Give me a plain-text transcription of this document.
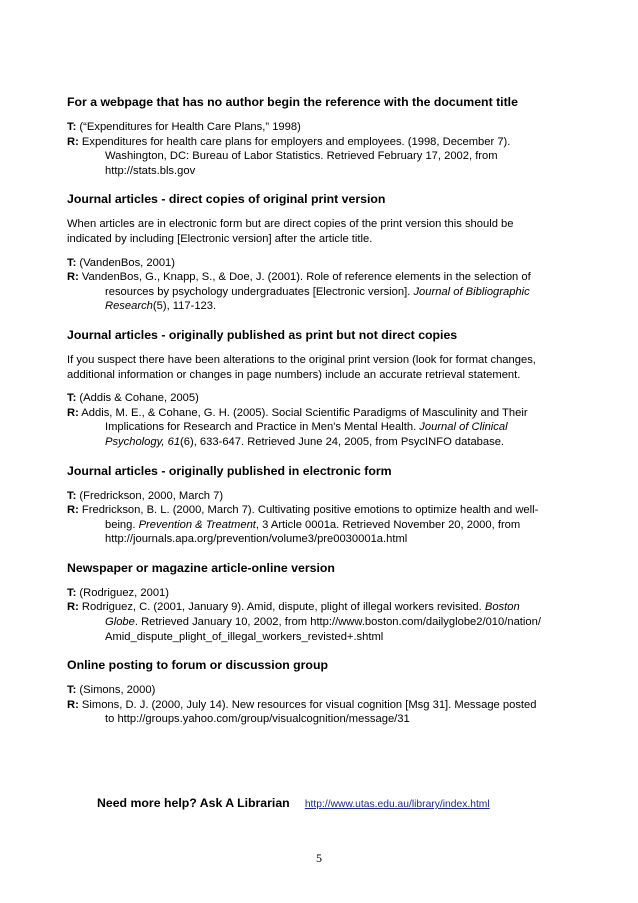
For a webpage that has no author begin the reference with the document title

T: (“Expenditures for Health Care Plans,” 1998)

R: Expenditures for health care plans for employers and employees. (1998, December 7). Washington, DC: Bureau of Labor Statistics. Retrieved February 17, 2002, from http://stats.bls.gov

Journal articles - direct copies of original print version

When articles are in electronic form but are direct copies of the print version this should be indicated by including [Electronic version] after the article title.

T: (VandenBos, 2001)

R: VandenBos, G., Knapp, S., & Doe, J. (2001). Role of reference elements in the selection of resources by psychology undergraduates [Electronic version]. Journal of Bibliographic Research(5), 117-123.

Journal articles - originally published as print but not direct copies

If you suspect there have been alterations to the original print version (look for format changes, additional information or changes in page numbers) include an accurate retrieval statement.

T: (Addis & Cohane, 2005)

R: Addis, M. E., & Cohane, G. H. (2005). Social Scientific Paradigms of Masculinity and Their Implications for Research and Practice in Men's Mental Health. Journal of Clinical Psychology, 61(6), 633-647. Retrieved June 24, 2005, from PsycINFO database.

Journal articles - originally published in electronic form

T: (Fredrickson, 2000, March 7)

R: Fredrickson, B. L. (2000, March 7). Cultivating positive emotions to optimize health and well-being. Prevention & Treatment, 3 Article 0001a. Retrieved November 20, 2000, from http://journals.apa.org/prevention/volume3/pre0030001a.html

Newspaper or magazine article-online version

T: (Rodriguez, 2001)

R: Rodriguez, C. (2001, January 9). Amid, dispute, plight of illegal workers revisited. Boston Globe. Retrieved January 10, 2002, from http://www.boston.com/dailyglobe2/010/nation/Amid_dispute_plight_of_illegal_workers_revisted+.shtml

Online posting to forum or discussion group

T: (Simons, 2000)

R: Simons, D. J. (2000, July 14). New resources for visual cognition [Msg 31]. Message posted to http://groups.yahoo.com/group/visualcognition/message/31

Need more help? Ask A Librarian http://www.utas.edu.au/library/index.html
5
